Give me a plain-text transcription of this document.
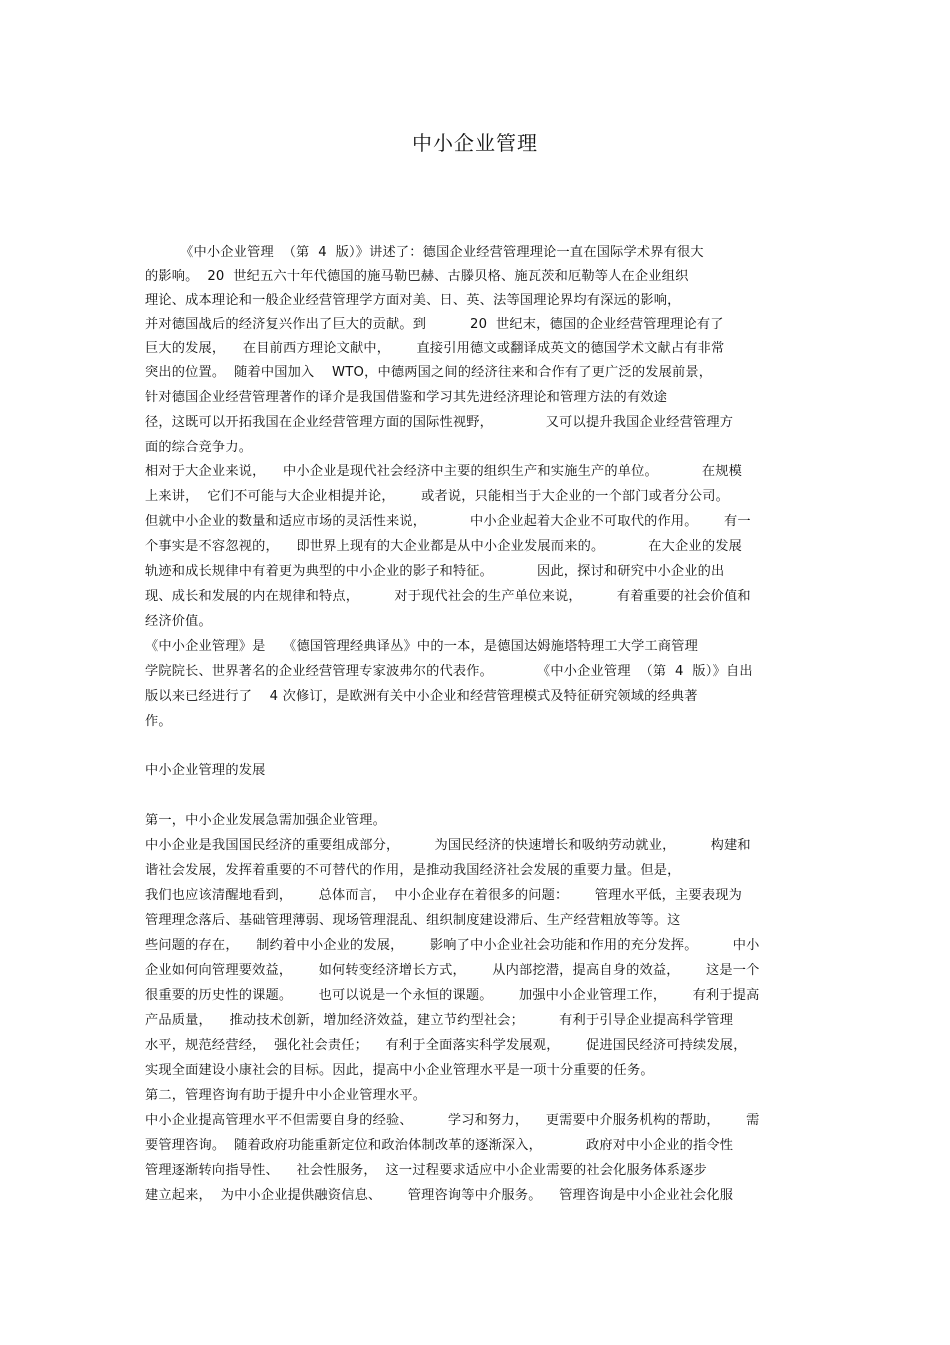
中小企业管理
《中小企业管理  （第  4  版）》讲述了：德国企业经营管理理论一直在国际学术界有很大
的影响。  20  世纪五六十年代德国的施马勒巴赫、古滕贝格、施瓦茨和厄勒等人在企业组织
理论、成本理论和一般企业经营管理学方面对美、日、英、法等国理论界均有深远的影响，
并对德国战后的经济复兴作出了巨大的贡献。到          20  世纪末，德国的企业经营管理理论有了
巨大的发展，    在目前西方理论文献中，      直接引用德文或翻译成英文的德国学术文献占有非常
突出的位置。  随着中国加入    WTO，中德两国之间的经济往来和合作有了更广泛的发展前景，
针对德国企业经营管理著作的译介是我国借鉴和学习其先进经济理论和管理方法的有效途
径，这既可以开拓我国在企业经营管理方面的国际性视野，            又可以提升我国企业经营管理方
面的综合竞争力。
相对于大企业来说，    中小企业是现代社会经济中主要的组织生产和实施生产的单位。          在规模
上来讲，  它们不可能与大企业相提并论，      或者说，只能相当于大企业的一个部门或者分公司。
但就中小企业的数量和适应市场的灵活性来说，          中小企业起着大企业不可取代的作用。      有一
个事实是不容忽视的，    即世界上现有的大企业都是从中小企业发展而来的。          在大企业的发展
轨迹和成长规律中有着更为典型的中小企业的影子和特征。          因此，探讨和研究中小企业的出
现、成长和发展的内在规律和特点，        对于现代社会的生产单位来说，        有着重要的社会价值和
经济价值。
《中小企业管理》是    《德国管理经典译丛》中的一本，是德国达姆施塔特理工大学工商管理
学院院长、世界著名的企业经营管理专家波弗尔的代表作。          《中小企业管理  （第  4  版）》自出
版以来已经进行了    4 次修订，是欧洲有关中小企业和经营管理模式及特征研究领域的经典著
作。
中小企业管理的发展
第一，中小企业发展急需加强企业管理。
中小企业是我国国民经济的重要组成部分，        为国民经济的快速增长和吸纳劳动就业，        构建和
谐社会发展，发挥着重要的不可替代的作用，是推动我国经济社会发展的重要力量。但是，
我们也应该清醒地看到，      总体而言，  中小企业存在着很多的问题：      管理水平低，主要表现为
管理理念落后、基础管理薄弱、现场管理混乱、组织制度建设滞后、生产经营粗放等等。这
些问题的存在，    制约着中小企业的发展，      影响了中小企业社会功能和作用的充分发挥。        中小
企业如何向管理要效益，      如何转变经济增长方式，      从内部挖潜，提高自身的效益，      这是一个
很重要的历史性的课题。      也可以说是一个永恒的课题。      加强中小企业管理工作，      有利于提高
产品质量，    推动技术创新，增加经济效益，建立节约型社会；        有利于引导企业提高科学管理
水平，规范经营经，  强化社会责任；    有利于全面落实科学发展观，      促进国民经济可持续发展，
实现全面建设小康社会的目标。因此，提高中小企业管理水平是一项十分重要的任务。
第二，管理咨询有助于提升中小企业管理水平。
中小企业提高管理水平不但需要自身的经验、        学习和努力，    更需要中介服务机构的帮助，      需
要管理咨询。  随着政府功能重新定位和政治体制改革的逐渐深入，          政府对中小企业的指令性
管理逐渐转向指导性、    社会性服务，  这一过程要求适应中小企业需要的社会化服务体系逐步
建立起来，  为中小企业提供融资信息、      管理咨询等中介服务。    管理咨询是中小企业社会化服
